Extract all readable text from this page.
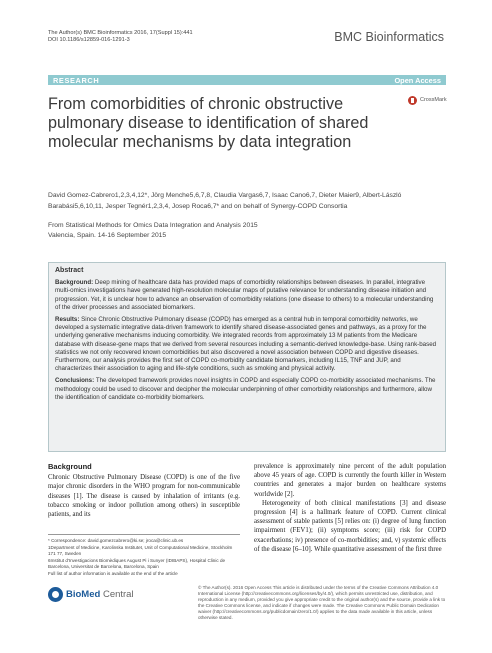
The Author(s) BMC Bioinformatics 2016, 17(Suppl 15):441
DOI 10.1186/s12859-016-1291-3	BMC Bioinformatics
RESEARCH	Open Access
CrossMark
From comorbidities of chronic obstructive pulmonary disease to identification of shared molecular mechanisms by data integration
David Gomez-Cabrero1,2,3,4,12*, Jörg Menche5,6,7,8, Claudia Vargas6,7, Isaac Cano6,7, Dieter Maier9, Albert-László Barabási5,6,10,11, Jesper Tegnér1,2,3,4, Josep Roca6,7* and on behalf of Synergy-COPD Consortia
From Statistical Methods for Omics Data Integration and Analysis 2015
Valencia, Spain. 14-16 September 2015
Abstract

Background: Deep mining of healthcare data has provided maps of comorbidity relationships between diseases. In parallel, integrative multi-omics investigations have generated high-resolution molecular maps of putative relevance for understanding disease initiation and progression. Yet, it is unclear how to advance an observation of comorbidity relations (one disease to others) to a molecular understanding of the driver processes and associated biomarkers.

Results: Since Chronic Obstructive Pulmonary disease (COPD) has emerged as a central hub in temporal comorbidity networks, we developed a systematic integrative data-driven framework to identify shared disease-associated genes and pathways, as a proxy for the underlying generative mechanisms inducing comorbidity. We integrated records from approximately 13 M patients from the Medicare database with disease-gene maps that we derived from several resources including a semantic-derived knowledge-base. Using rank-based statistics we not only recovered known comorbidities but also discovered a novel association between COPD and digestive diseases. Furthermore, our analysis provides the first set of COPD co-morbidity candidate biomarkers, including IL15, TNF and JUP, and characterizes their association to aging and life-style conditions, such as smoking and physical activity.

Conclusions: The developed framework provides novel insights in COPD and especially COPD co-morbidity associated mechanisms. The methodology could be used to discover and decipher the molecular underpinning of other comorbidity relationships and furthermore, allow the identification of candidate co-morbidity biomarkers.

Background

Chronic Obstructive Pulmonary Disease (COPD) is one of the five major chronic disorders in the WHO program for non-communicable diseases [1]. The disease is caused by inhalation of irritants (e.g. tobacco smoking or indoor pollution among others) in susceptible patients, and its

prevalence is approximately nine percent of the adult population above 45 years of age. COPD is currently the fourth killer in Western countries and generates a major burden on healthcare systems worldwide [2].

Heterogeneity of both clinical manifestations [3] and disease progression [4] is a hallmark feature of COPD. Current clinical assessment of stable patients [5] relies on: (i) degree of lung function impairment (FEV1); (ii) symptoms score; (iii) risk for COPD exacerbations; iv) presence of co-morbidities; and, v) systemic effects of the disease [6–10]. While quantitative assessment of the first three

* Correspondence: david.gomezcabrero@ki.se; jroca@clinic.ub.es
1Department of Medicine, Karolinska Institutet, Unit of Computational Medicine, Stockholm 171 77, Sweden
6Institut d'Investigacions Biomèdiques August Pi i Sunyer (IDIBAPS), Hospital Clinic de Barcelona, Universitat de Barcelona, Barcelona, Spain
Full list of author information is available at the end of the article
BioMed Central
© The Author(s). 2016 Open Access This article is distributed under the terms of the Creative Commons Attribution 4.0 International License (http://creativecommons.org/licenses/by/4.0/), which permits unrestricted use, distribution, and reproduction in any medium, provided you give appropriate credit to the original author(s) and the source, provide a link to the Creative Commons license, and indicate if changes were made. The Creative Commons Public Domain Dedication waiver (http://creativecommons.org/publicdomain/zero/1.0/) applies to the data made available in this article, unless otherwise stated.
